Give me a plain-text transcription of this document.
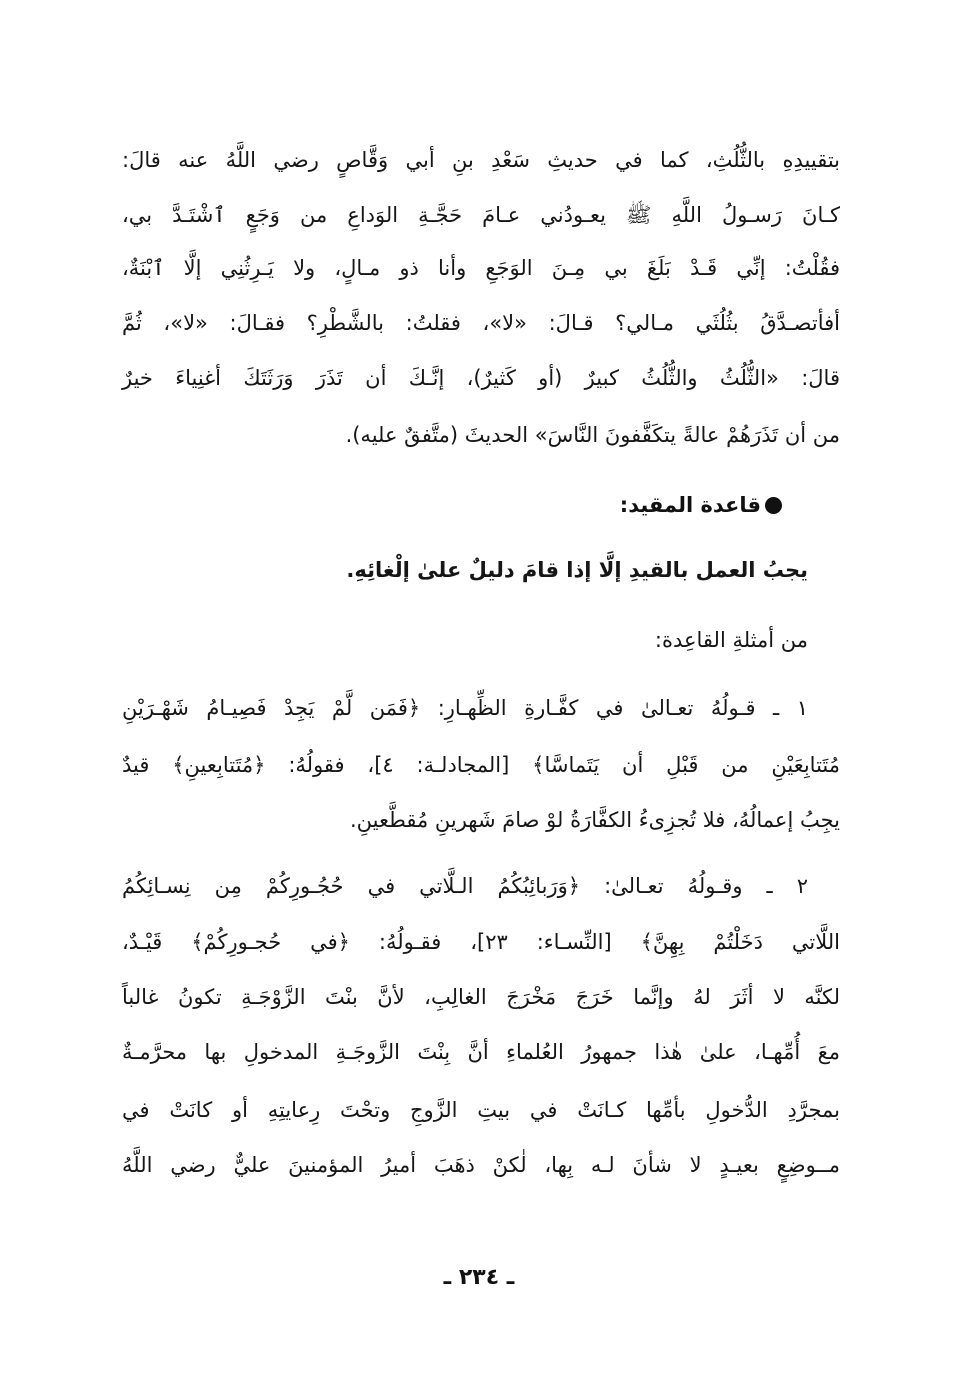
بتقييدِهِ بالثُّلُثِ، كما في حديثِ سَعْدِ بنِ أبي وَقَّاصٍ رضي اللَّهُ عنه قالَ:
كـانَ رَسـولُ اللَّهِ ﷺ يعـودُني عـامَ حَجَّـةِ الوَداعِ من وَجَعٍ ٱشْتَـدَّ بي،
فقُلْتُ: إنِّي قَـدْ بَلَغَ بي مِـنَ الوَجَعِ وأنا ذو مـالٍ، ولا يَـرِثُنِي إلَّا ٱبْنَةٌ،
أفأتصـدَّقُ بثُلُثَي مـالي؟ قـالَ: «لا»، فقلتُ: بالشَّطْرِ؟ فقـالَ: «لا»، ثُمَّ
قالَ: «الثُّلُثُ والثُّلُثُ كبيرٌ (أو كَثيرٌ)، إنَّـكَ أن تَذَرَ وَرَثَتَكَ أغنِياءَ خيرٌ
من أن تَذَرَهُمْ عالةً يتكَفَّفونَ النَّاسَ» الحديثَ (متَّفقٌ عليه).
قاعدة المقيد:
يجبُ العمل بالقيدِ إلَّا إذا قامَ دليلٌ علىٰ إلْغائِهِ.
من أمثلةِ القاعِدة:
١ ـ قـولُهُ تعـالىٰ في كفَّـارةِ الظِّهـارِ: ﴿فَمَن لَّمْ يَجِدْ فَصِيـامُ شَهْـرَيْنِ
مُتَتابِعَيْنِ من قَبْلِ أن يَتَماسَّا﴾ [المجادلـة: ٤]، فقولُهُ: ﴿مُتَتابِعينِ﴾ قيدٌ
يجِبُ إعمالُهُ، فلا تُجزِىءُ الكفَّارَةُ لوْ صامَ شَهرينِ مُقطَّعينِ.
٢ ـ وقـولُهُ تعـالىٰ: ﴿وَرَبائِبُكُمُ الـلَّاتي في حُجُـورِكُمْ مِن نِسـائِكُمُ
اللَّاتي دَخَلْتُمْ بِهِنَّ﴾ [النِّسـاء: ٢٣]، فقـولُهُ: ﴿في حُجـورِكُمْ﴾ قَيْـدٌ،
لكنَّه لا أثَرَ لهُ وإنَّما خَرَجَ مَخْرَجَ الغالِبِ، لأنَّ بنْتَ الزَّوْجَـةِ تكونُ غالباً
معَ أُمِّهـا، علىٰ هٰذا جمهورُ العُلماءِ أنَّ بِنْتَ الزَّوجَـةِ المدخولِ بها محرَّمـةٌ
بمجرَّدِ الدُّخولِ بأمِّها كـانَتْ في بيتِ الزَّوجِ وتحْتَ رِعايتِهِ أو كانَتْ في
مــوضِعٍ بعيـدٍ لا شأنَ لـه بِها، لٰكنْ ذهَبَ أميرُ المؤمنينَ عليٌّ رضي اللَّهُ
ـ ٢٣٤ ـ
